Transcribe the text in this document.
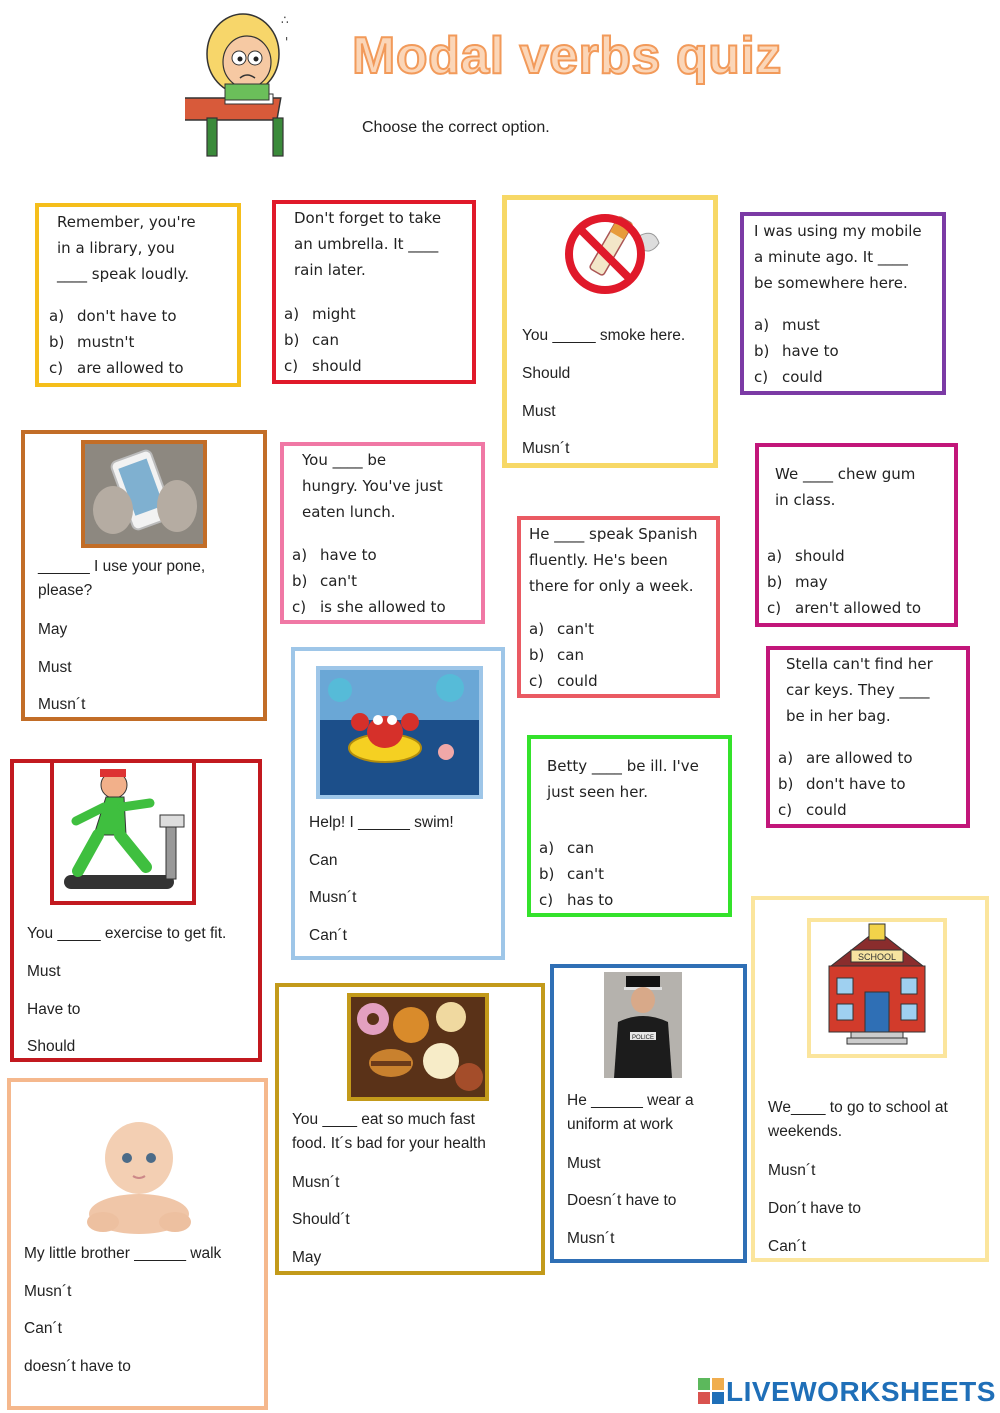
∴
' Modal verbs quiz
Choose the correct option.
Remember, you're
in a library, you
____ speak loudly.
a) don't have to
b) mustn't
c) are allowed to
Don't forget to take
an umbrella. It ____
rain later.
a) might
b) can
c) should
You _____ smoke here.
Should
Must
Musn´t
I was using my mobile
a minute ago. It ____
be somewhere here.
a) must
b) have to
c) could
______ I use your pone,
please?
May
Must
Musn´t
You ____ be
hungry. You've just
eaten lunch.
a) have to
b) can't
c) is she allowed to
We ____ chew gum
in class.
a) should
b) may
c) aren't allowed to
He ____ speak Spanish
fluently. He's been
there for only a week.
a) can't
b) can
c) could
Stella can't find her
car keys. They ____
be in her bag.
a) are allowed to
b) don't have to
c) could
Help! I ______ swim!
Can
Musn´t
Can´t
Betty ____ be ill. I've
just seen her.
a) can
b) can't
c) has to
You _____ exercise to get fit.
Must
Have to
Should
SCHOOL
We____ to go to school at
weekends.
Musn´t
Don´t have to
Can´t
POLICE
He ______ wear a
uniform at work
Must
Doesn´t have to
Musn´t
You ____ eat so much fast
food. It´s bad for your health
Musn´t
Should´t
May
My little brother ______ walk
Musn´t
Can´t
doesn´t have to
LIVEWORKSHEETS
